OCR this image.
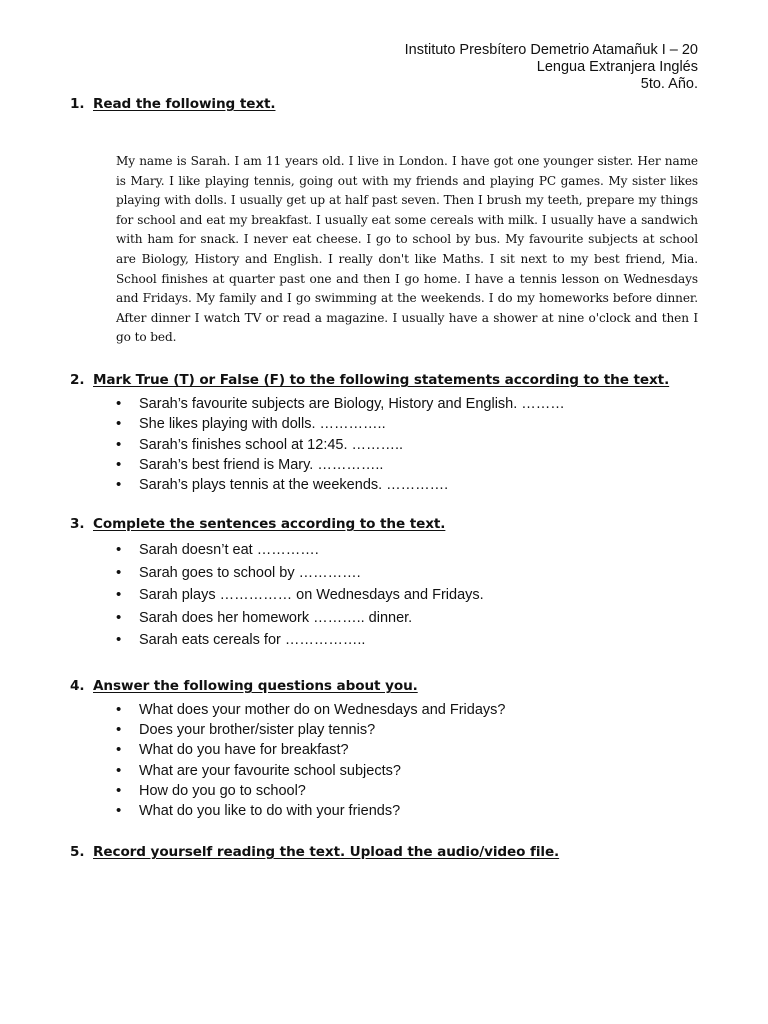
Instituto Presbítero Demetrio Atamañuk I – 20
Lengua Extranjera Inglés
5to. Año.
1. Read the following text.
My name is Sarah. I am 11 years old. I live in London. I have got one younger sister. Her name is Mary. I like playing tennis, going out with my friends and playing PC games. My sister likes playing with dolls. I usually get up at half past seven. Then I brush my teeth, prepare my things for school and eat my breakfast. I usually eat some cereals with milk. I usually have a sandwich with ham for snack. I never eat cheese. I go to school by bus. My favourite subjects at school are Biology, History and English. I really don't like Maths. I sit next to my best friend, Mia. School finishes at quarter past one and then I go home. I have a tennis lesson on Wednesdays and Fridays. My family and I go swimming at the weekends. I do my homeworks before dinner. After dinner I watch TV or read a magazine. I usually have a shower at nine o'clock and then I go to bed.
2. Mark True (T) or False (F) to the following statements according to the text.
• Sarah’s favourite subjects are Biology, History and English. ………
• She likes playing with dolls. …………..
• Sarah’s finishes school at 12:45. ………..
• Sarah’s best friend is Mary. …………..
• Sarah’s plays tennis at the weekends. ………….
3. Complete the sentences according to the text.
• Sarah doesn’t eat ………….
• Sarah goes to school by ………….
• Sarah plays …………… on Wednesdays and Fridays.
• Sarah does her homework ……….. dinner.
• Sarah eats cereals for ……………..
4. Answer the following questions about you.
• What does your mother do on Wednesdays and Fridays?
• Does your brother/sister play tennis?
• What do you have for breakfast?
• What are your favourite school subjects?
• How do you go to school?
• What do you like to do with your friends?
5. Record yourself reading the text. Upload the audio/video file.
